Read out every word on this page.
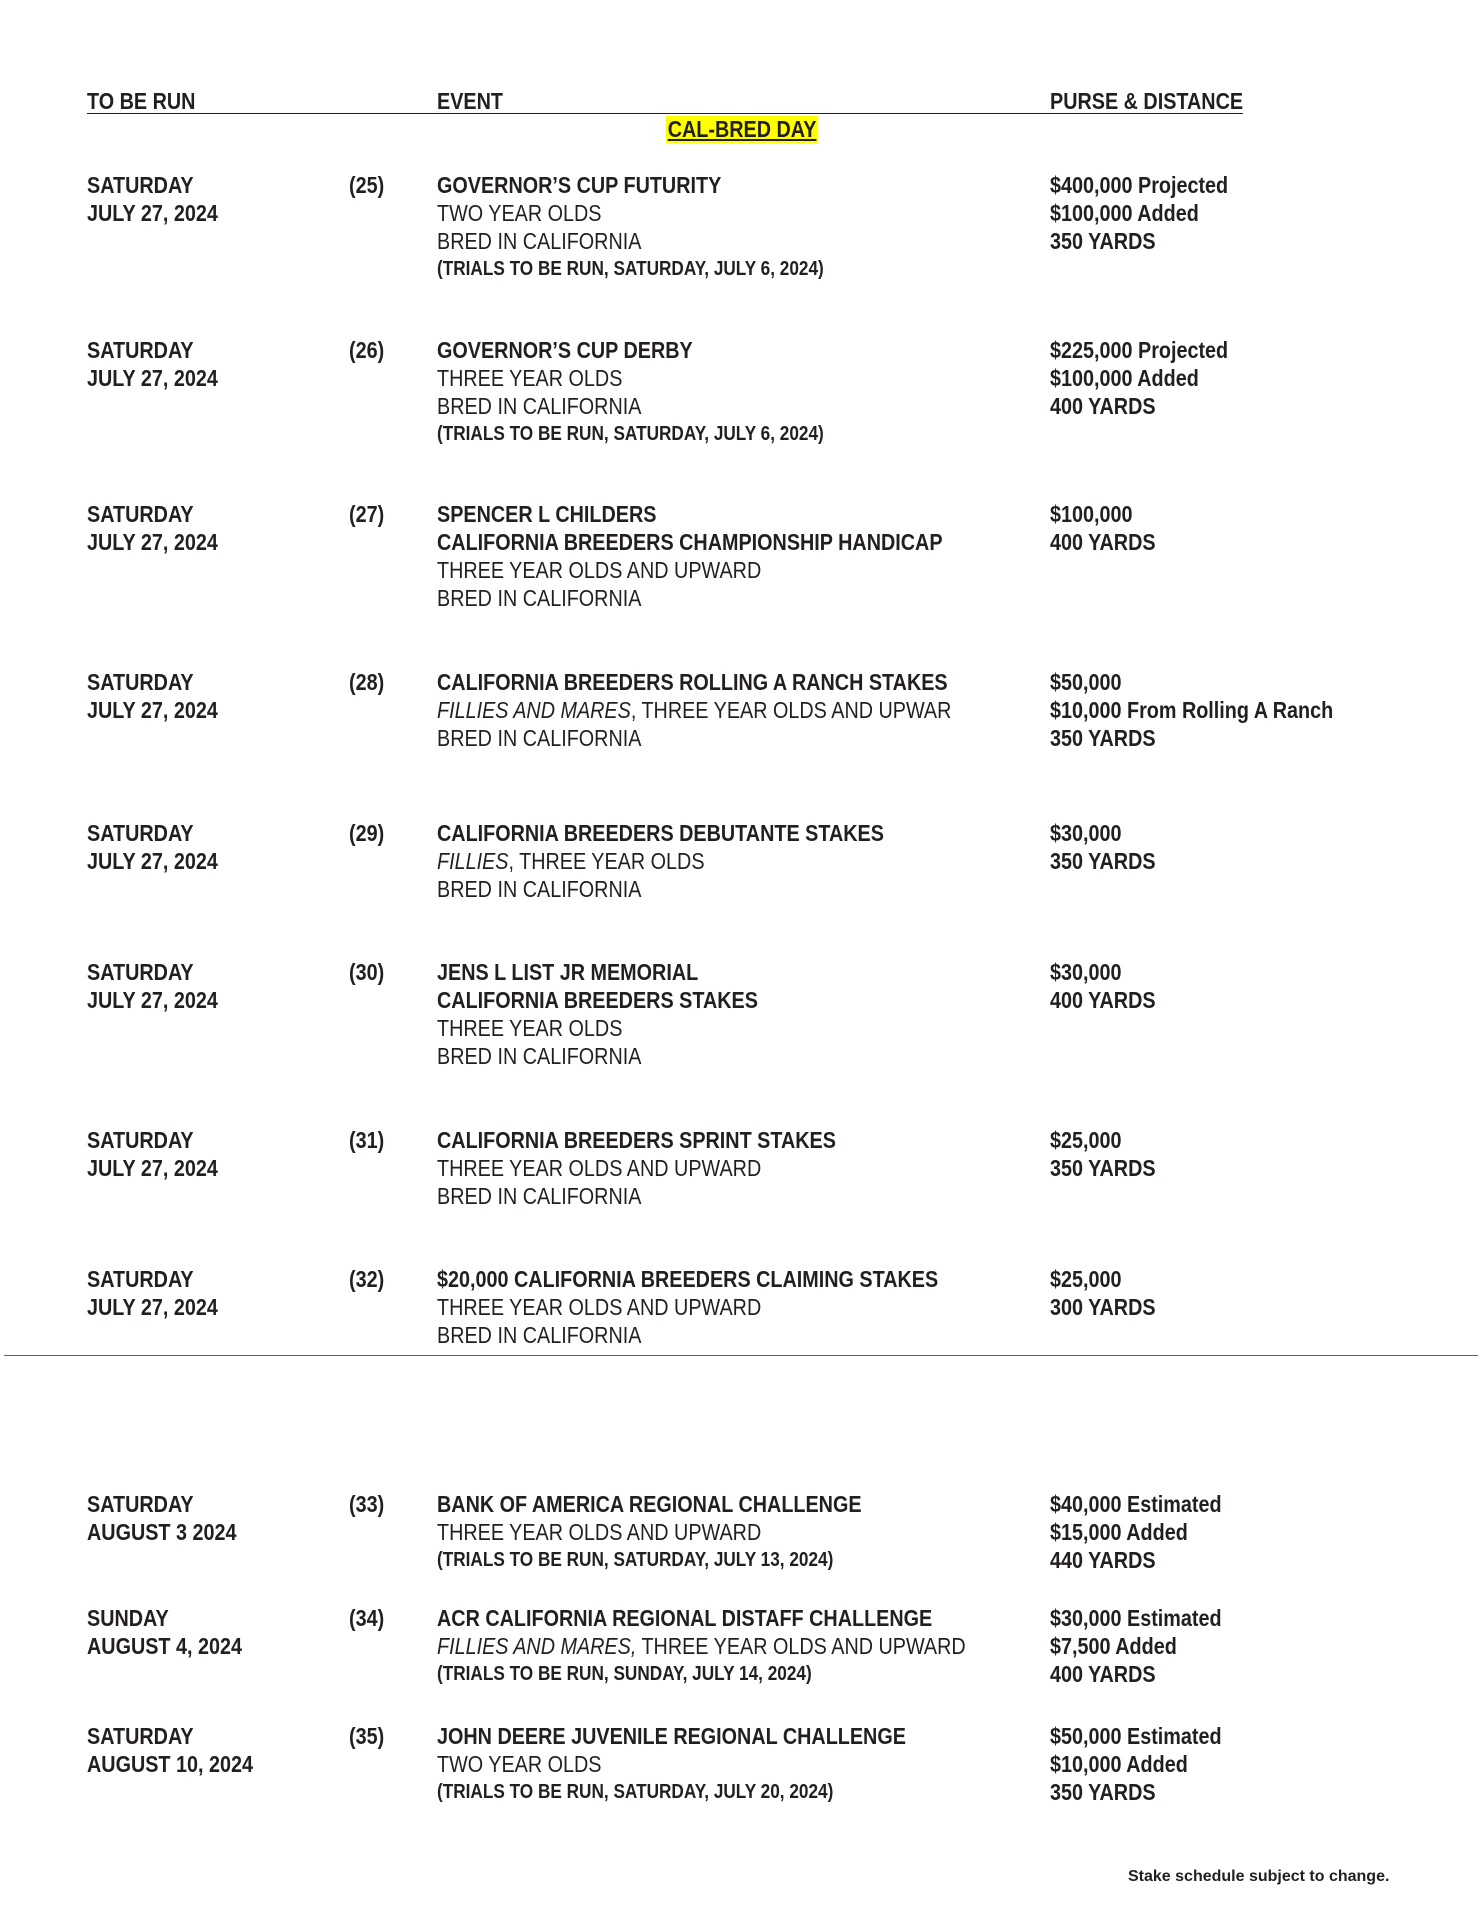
TO BE RUN	EVENT	PURSE & DISTANCE
CAL-BRED DAY
SATURDAY
JULY 27, 2024
(25) GOVERNOR’S CUP FUTURITY
TWO YEAR OLDS
BRED IN CALIFORNIA
(TRIALS TO BE RUN, SATURDAY, JULY 6, 2024)
$400,000 Projected
$100,000 Added
350 YARDS
SATURDAY
JULY 27, 2024
(26) GOVERNOR’S CUP DERBY
THREE YEAR OLDS
BRED IN CALIFORNIA
(TRIALS TO BE RUN, SATURDAY, JULY 6, 2024)
$225,000 Projected
$100,000 Added
400 YARDS
SATURDAY
JULY 27, 2024
(27) SPENCER L CHILDERS
CALIFORNIA BREEDERS CHAMPIONSHIP HANDICAP
THREE YEAR OLDS AND UPWARD
BRED IN CALIFORNIA
$100,000
400 YARDS
SATURDAY
JULY 27, 2024
(28) CALIFORNIA BREEDERS ROLLING A RANCH STAKES
FILLIES AND MARES, THREE YEAR OLDS AND UPWAR
BRED IN CALIFORNIA
$50,000
$10,000 From Rolling A Ranch
350 YARDS
SATURDAY
JULY 27, 2024
(29) CALIFORNIA BREEDERS DEBUTANTE STAKES
FILLIES, THREE YEAR OLDS
BRED IN CALIFORNIA
$30,000
350 YARDS
SATURDAY
JULY 27, 2024
(30) JENS L LIST JR MEMORIAL
CALIFORNIA BREEDERS STAKES
THREE YEAR OLDS
BRED IN CALIFORNIA
$30,000
400 YARDS
SATURDAY
JULY 27, 2024
(31) CALIFORNIA BREEDERS SPRINT STAKES
THREE YEAR OLDS AND UPWARD
BRED IN CALIFORNIA
$25,000
350 YARDS
SATURDAY
JULY 27, 2024
(32) $20,000 CALIFORNIA BREEDERS CLAIMING STAKES
THREE YEAR OLDS AND UPWARD
BRED IN CALIFORNIA
$25,000
300 YARDS
SATURDAY
AUGUST 3 2024
(33) BANK OF AMERICA REGIONAL CHALLENGE
THREE YEAR OLDS AND UPWARD
(TRIALS TO BE RUN, SATURDAY, JULY 13, 2024)
$40,000 Estimated
$15,000 Added
440 YARDS
SUNDAY
AUGUST 4, 2024
(34) ACR CALIFORNIA REGIONAL DISTAFF CHALLENGE
FILLIES AND MARES, THREE YEAR OLDS AND UPWARD
(TRIALS TO BE RUN, SUNDAY, JULY 14, 2024)
$30,000 Estimated
$7,500 Added
400 YARDS
SATURDAY
AUGUST 10, 2024
(35) JOHN DEERE JUVENILE REGIONAL CHALLENGE
TWO YEAR OLDS
(TRIALS TO BE RUN, SATURDAY, JULY 20, 2024)
$50,000 Estimated
$10,000 Added
350 YARDS
Stake schedule subject to change.
